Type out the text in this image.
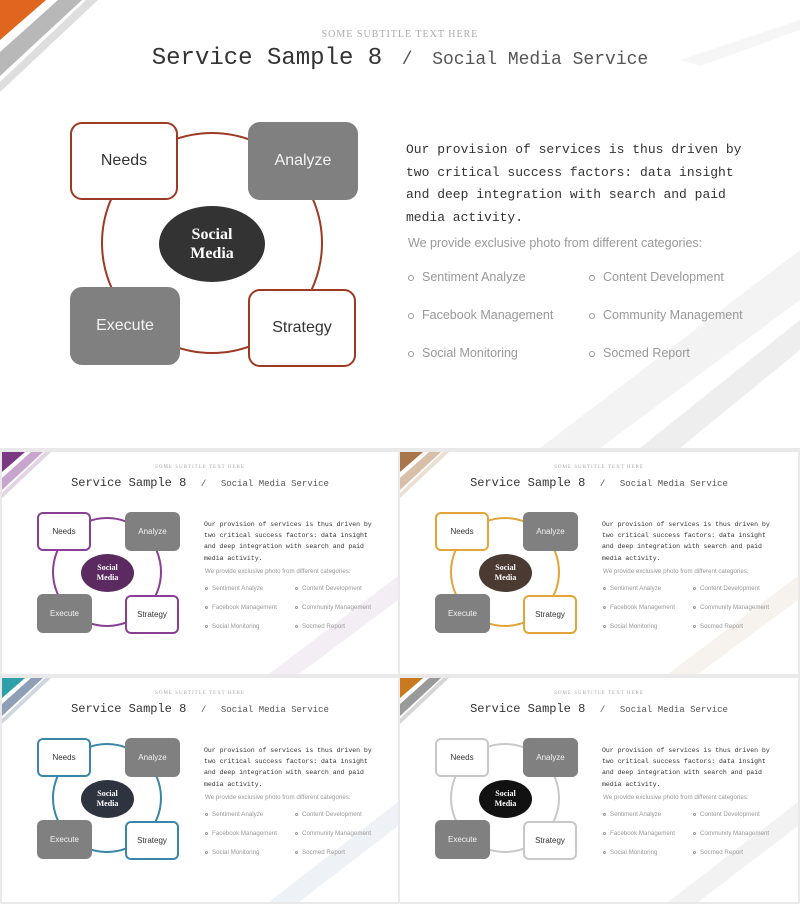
SOME SUBTITLE TEXT HERE
Service Sample 8 / Social Media Service
Needs	Analyze
Execute	Strategy
Social
Media
Our provision of services is thus driven by
two critical success factors: data insight
and deep integration with search and paid
media activity.
We provide exclusive photo from different categories:
Sentiment Analyze	Content Development
Facebook Management	Community Management
Social Monitoring	Socmed Report
SOME SUBTITLE TEXT HERE
Service Sample 8 / Social Media Service
Needs	Analyze
Execute	Strategy
Social
Media
Our provision of services is thus driven by
two critical success factors: data insight
and deep integration with search and paid
media activity.
We provide exclusive photo from different categories:
Sentiment Analyze	Content Development
Facebook Management	Community Management
Social Monitoring	Socmed Report
SOME SUBTITLE TEXT HERE
Service Sample 8 / Social Media Service
Needs	Analyze
Execute	Strategy
Social
Media
Our provision of services is thus driven by
two critical success factors: data insight
and deep integration with search and paid
media activity.
We provide exclusive photo from different categories:
Sentiment Analyze	Content Development
Facebook Management	Community Management
Social Monitoring	Socmed Report
SOME SUBTITLE TEXT HERE
Service Sample 8 / Social Media Service
Needs	Analyze
Execute	Strategy
Social
Media
Our provision of services is thus driven by
two critical success factors: data insight
and deep integration with search and paid
media activity.
We provide exclusive photo from different categories:
Sentiment Analyze	Content Development
Facebook Management	Community Management
Social Monitoring	Socmed Report
SOME SUBTITLE TEXT HERE
Service Sample 8 / Social Media Service
Needs	Analyze
Execute	Strategy
Social
Media
Our provision of services is thus driven by
two critical success factors: data insight
and deep integration with search and paid
media activity.
We provide exclusive photo from different categories:
Sentiment Analyze	Content Development
Facebook Management	Community Management
Social Monitoring	Socmed Report
